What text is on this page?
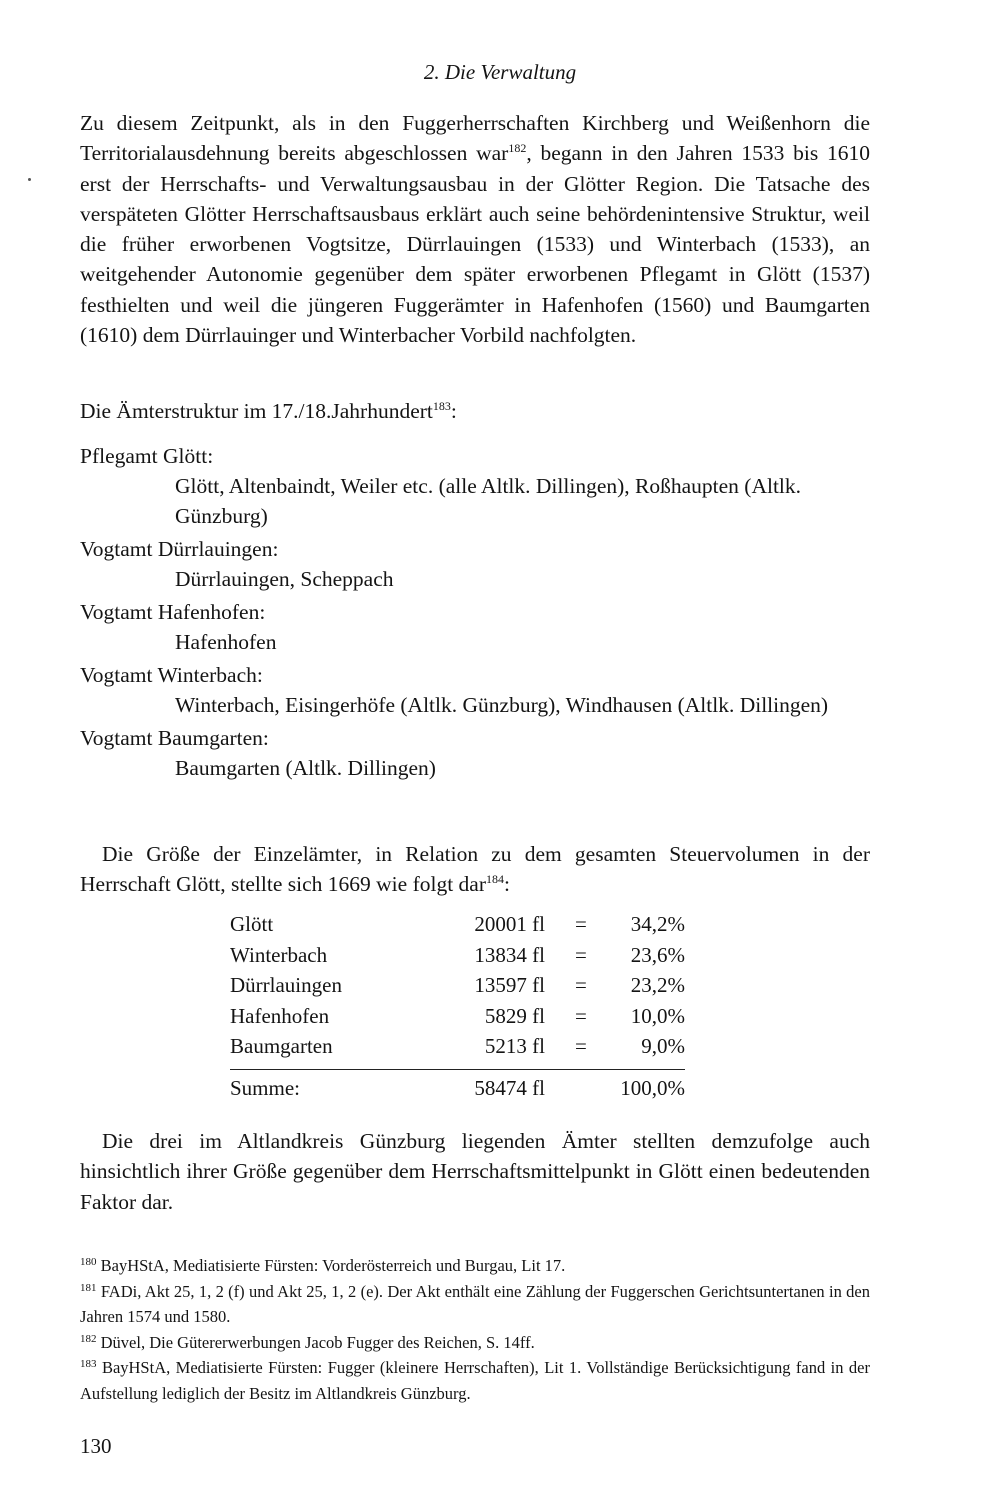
2. Die Verwaltung

Zu diesem Zeitpunkt, als in den Fuggerherrschaften Kirchberg und Weißenhorn die Territorialausdehnung bereits abgeschlossen war$^{182}$, begann in den Jahren 1533 bis 1610 erst der Herrschafts- und Verwaltungsausbau in der Glötter Region. Die Tatsache des verspäteten Glötter Herrschaftsausbaus erklärt auch seine behördenintensive Struktur, weil die früher erworbenen Vogtsitze, Dürrlauingen (1533) und Winterbach (1533), an weitgehender Autonomie gegenüber dem später erworbenen Pflegamt in Glött (1537) festhielten und weil die jüngeren Fuggerämter in Hafenhofen (1560) und Baumgarten (1610) dem Dürrlauinger und Winterbacher Vorbild nachfolgten.

Die Ämterstruktur im 17./18.Jahrhundert$^{183}$:

Pflegamt Glött:
Glött, Altenbaindt, Weiler etc. (alle Altlk. Dillingen), Roßhaupten (Altlk. Günzburg)
Vogtamt Dürrlauingen:
Dürrlauingen, Scheppach
Vogtamt Hafenhofen:
Hafenhofen
Vogtamt Winterbach:
Winterbach, Eisingerhöfe (Altlk. Günzburg), Windhausen (Altlk. Dillingen)
Vogtamt Baumgarten:
Baumgarten (Altlk. Dillingen)

Die Größe der Einzelämter, in Relation zu dem gesamten Steuervolumen in der Herrschaft Glött, stellte sich 1669 wie folgt dar$^{184}$:

Glött	20001 fl = 34,2%
Winterbach	13834 fl = 23,6%
Dürrlauingen	13597 fl = 23,2%
Hafenhofen	5829 fl = 10,0%
Baumgarten	5213 fl =	9,0%
Summe:	58474 fl	100,0%

Die drei im Altlandkreis Günzburg liegenden Ämter stellten demzufolge auch hinsichtlich ihrer Größe gegenüber dem Herrschaftsmittelpunkt in Glött einen bedeutenden Faktor dar.

$^{180}$ BayHStA, Mediatisierte Fürsten: Vorderösterreich und Burgau, Lit 17.

$^{181}$ FADi, Akt 25, 1, 2 (f) und Akt 25, 1, 2 (e). Der Akt enthält eine Zählung der Fuggerschen Gerichtsuntertanen in den Jahren 1574 und 1580.

$^{182}$ Düvel, Die Gütererwerbungen Jacob Fugger des Reichen, S. 14ff.

$^{183}$ BayHStA, Mediatisierte Fürsten: Fugger (kleinere Herrschaften), Lit 1. Vollständige Berücksichtigung fand in der Aufstellung lediglich der Besitz im Altlandkreis Günzburg.

130
